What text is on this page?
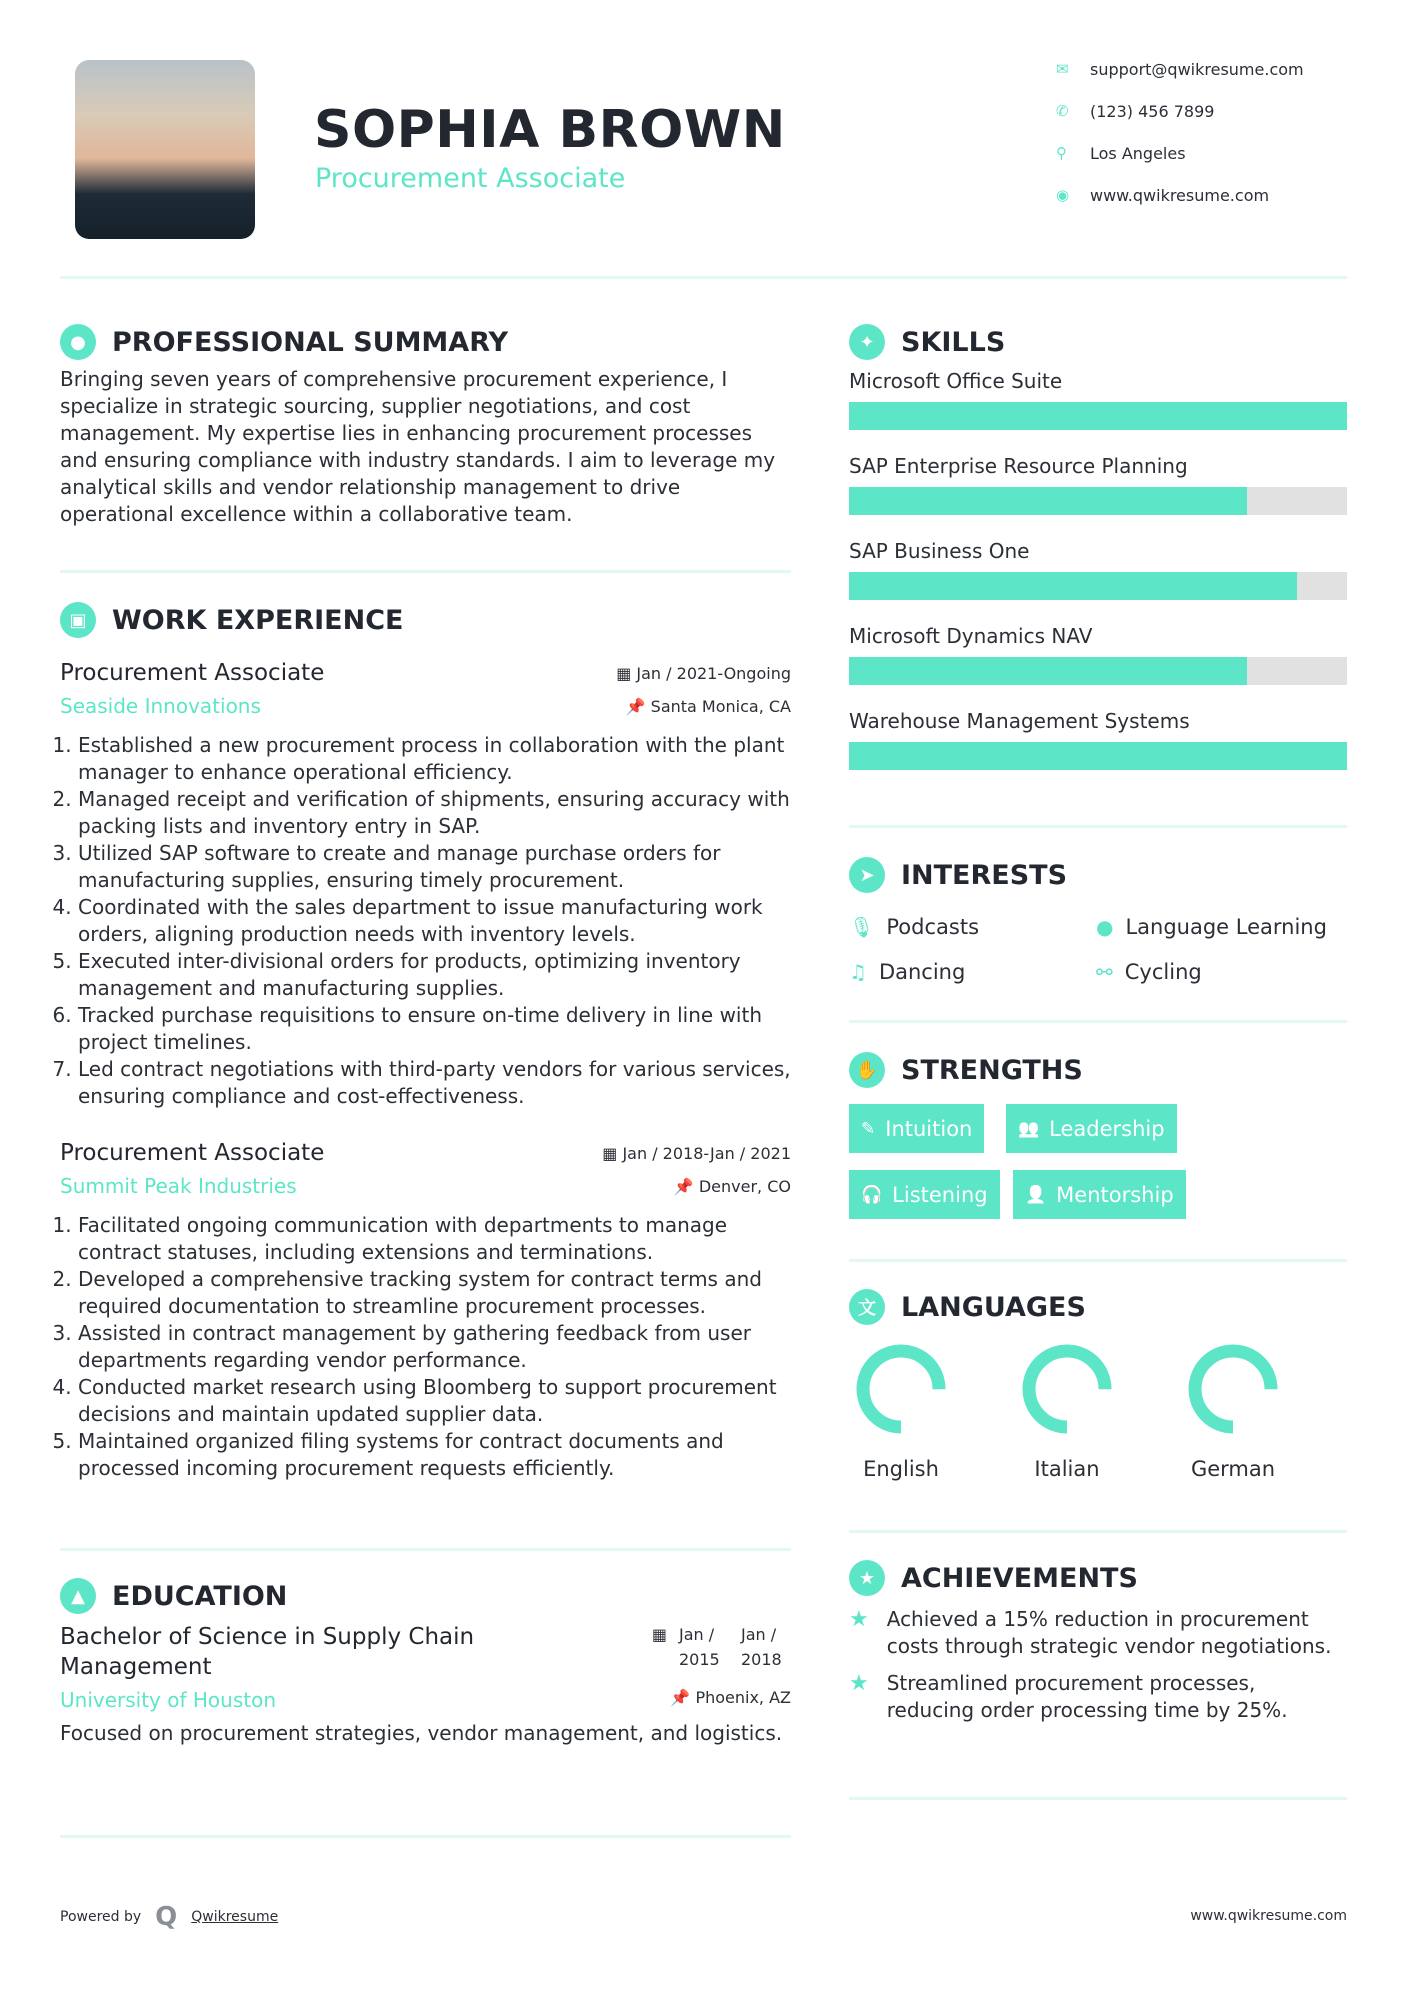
SOPHIA BROWN
Procurement Associate
✉	support@qwikresume.com
✆	(123) 456 7899
⚲	Los Angeles
◉	www.qwikresume.com
● PROFESSIONAL SUMMARY

Bringing seven years of comprehensive procurement experience, I specialize in strategic sourcing, supplier negotiations, and cost management. My expertise lies in enhancing procurement processes and ensuring compliance with industry standards. I aim to leverage my analytical skills and vendor relationship management to drive operational excellence within a collaborative team.

▣ WORK EXPERIENCE
Procurement Associate	▦ Jan / 2021-Ongoing
Seaside Innovations	📌 Santa Monica, CA
1. Established a new procurement process in collaboration with the plant manager to enhance operational efficiency.
2. Managed receipt and verification of shipments, ensuring accuracy with packing lists and inventory entry in SAP.
3. Utilized SAP software to create and manage purchase orders for manufacturing supplies, ensuring timely procurement.
4. Coordinated with the sales department to issue manufacturing work orders, aligning production needs with inventory levels.
5. Executed inter-divisional orders for products, optimizing inventory management and manufacturing supplies.
6. Tracked purchase requisitions to ensure on-time delivery in line with project timelines.
7. Led contract negotiations with third-party vendors for various services, ensuring compliance and cost-effectiveness.
Procurement Associate	▦ Jan / 2018-Jan / 2021
Summit Peak Industries	📌 Denver, CO
1. Facilitated ongoing communication with departments to manage contract statuses, including extensions and terminations.
2. Developed a comprehensive tracking system for contract terms and required documentation to streamline procurement processes.
3. Assisted in contract management by gathering feedback from user departments regarding vendor performance.
4. Conducted market research using Bloomberg to support procurement decisions and maintain updated supplier data.
5. Maintained organized filing systems for contract documents and processed incoming procurement requests efficiently.
▲	EDUCATION
Bachelor of Science in Supply Chain Management
▦ Jan / 2015
Jan / 2018
University of Houston	📌 Phoenix, AZ

Focused on procurement strategies, vendor management, and logistics.

✦ SKILLS
Microsoft Office Suite
SAP Enterprise Resource Planning
SAP Business One
Microsoft Dynamics NAV
Warehouse Management Systems
➤ INTERESTS
🎙 Podcasts	● Language Learning
♫ Dancing	⚯ Cycling
✋ STRENGTHS
✎ Intuition	👥 Leadership
🎧 Listening 👤 Mentorship
文 LANGUAGES
English	Italian	German
★ ACHIEVEMENTS
★ Achieved a 15% reduction in procurement costs through strategic vendor negotiations.
★ Streamlined procurement processes, reducing order processing time by 25%.
Powered by Q Qwikresume	www.qwikresume.com
